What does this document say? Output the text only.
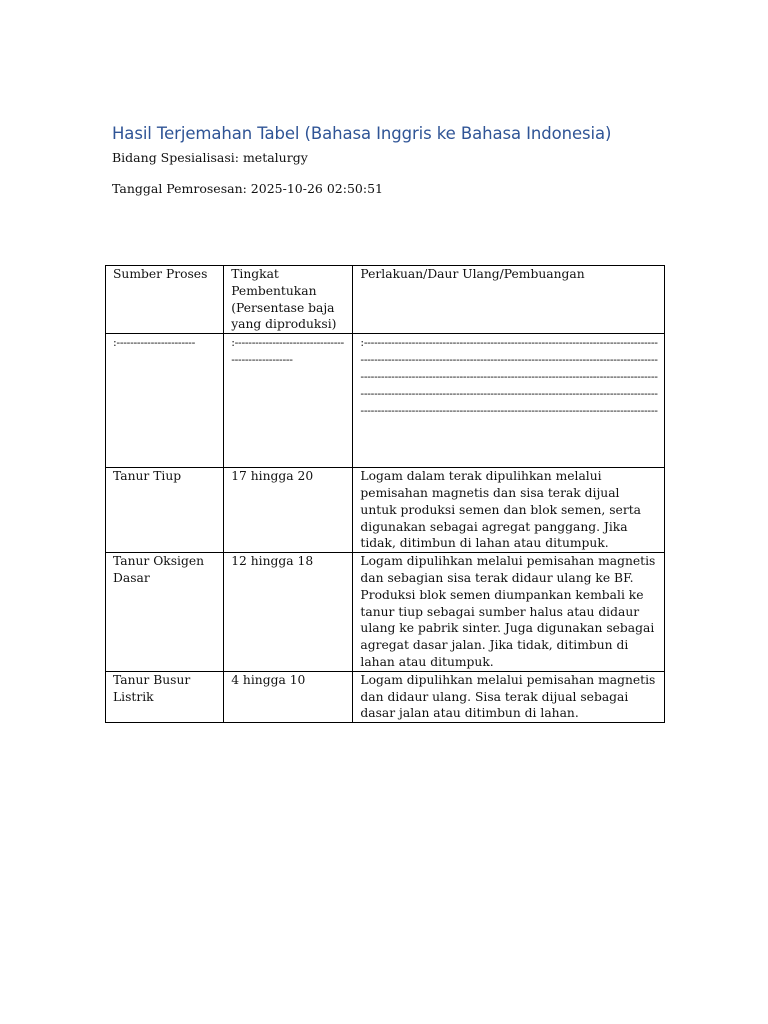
Hasil Terjemahan Tabel (Bahasa Inggris ke Bahasa Indonesia)

Bidang Spesialisasi: metalurgy

Tanggal Pemrosesan: 2025-10-26 02:50:51

Sumber Proses	Tingkat Pembentukan (Persentase baja yang diproduksi)	Perlakuan/Daur Ulang/Pembuangan
:-----------------------	:--------------------------------------------------	:--------------------------------------------------------------------------------------------------------------------------------------------------------------------------------------------------------------------------------------------------------------------------------------------------------------------------------------------------------------------------------------------------------------------------------------------------
Tanur Tiup	17 hingga 20	Logam dalam terak dipulihkan melalui pemisahan magnetis dan sisa terak dijual untuk produksi semen dan blok semen, serta digunakan sebagai agregat panggang. Jika tidak, ditimbun di lahan atau ditumpuk.
Tanur Oksigen Dasar	12 hingga 18	Logam dipulihkan melalui pemisahan magnetis dan sebagian sisa terak didaur ulang ke BF. Produksi blok semen diumpankan kembali ke tanur tiup sebagai sumber halus atau didaur ulang ke pabrik sinter. Juga digunakan sebagai agregat dasar jalan. Jika tidak, ditimbun di lahan atau ditumpuk.
Tanur Busur Listrik	4 hingga 10	Logam dipulihkan melalui pemisahan magnetis dan didaur ulang. Sisa terak dijual sebagai dasar jalan atau ditimbun di lahan.
